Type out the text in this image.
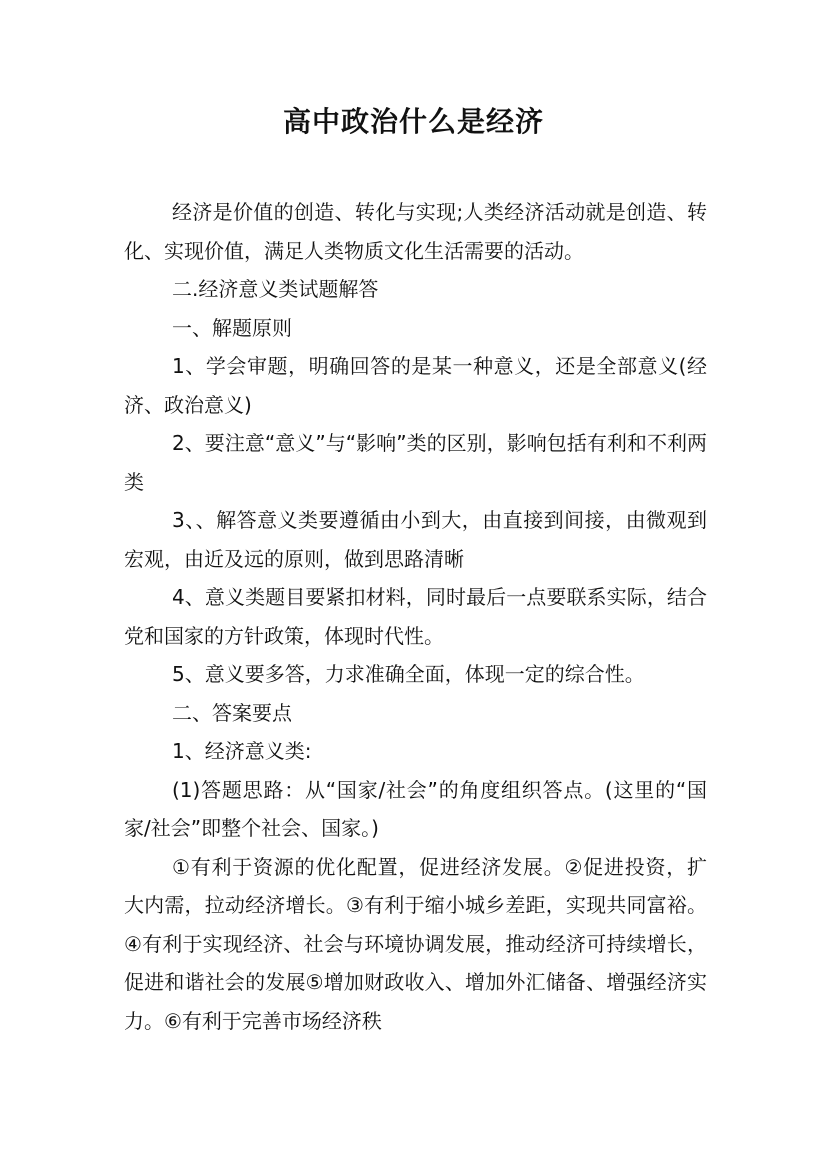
高中政治什么是经济

经济是价值的创造、转化与实现;人类经济活动就是创造、转化、实现价值，满足人类物质文化生活需要的活动。

二.经济意义类试题解答

一、解题原则

1、学会审题，明确回答的是某一种意义，还是全部意义(经济、政治意义)

2、要注意“意义”与“影响”类的区别，影响包括有利和不利两类

3、、解答意义类要遵循由小到大，由直接到间接，由微观到宏观，由近及远的原则，做到思路清晰

4、意义类题目要紧扣材料，同时最后一点要联系实际，结合党和国家的方针政策，体现时代性。

5、意义要多答，力求准确全面，体现一定的综合性。

二、答案要点

1、经济意义类:

(1)答题思路：从“国家/社会”的角度组织答点。(这里的“国家/社会”即整个社会、国家。)

①有利于资源的优化配置，促进经济发展。②促进投资，扩大内需，拉动经济增长。③有利于缩小城乡差距，实现共同富裕。④有利于实现经济、社会与环境协调发展，推动经济可持续增长，促进和谐社会的发展⑤增加财政收入、增加外汇储备、增强经济实力。⑥有利于完善市场经济秩
